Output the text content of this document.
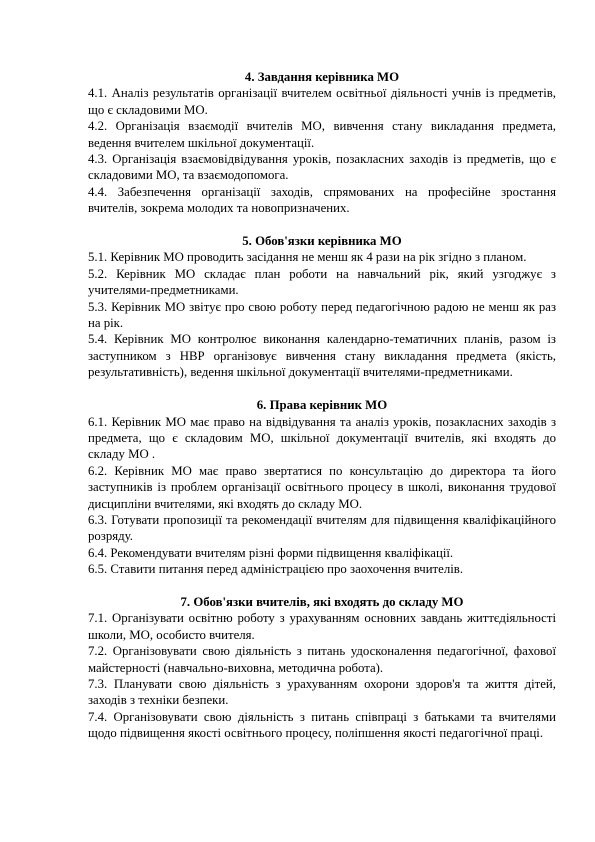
4. Завдання керівника МО

4.1. Аналіз результатів організації вчителем освітньої діяльності учнів із предметів, що є складовими МО.

4.2. Організація взаємодії вчителів МО, вивчення стану викладання предмета, ведення вчителем шкільної документації.

4.3. Організація взаємовідвідування уроків, позакласних заходів із предметів, що є складовими МО, та взаємодопомога.

4.4. Забезпечення організації заходів, спрямованих на професійне зростання вчителів, зокрема молодих та новопризначених.

5. Обов'язки керівника МО

5.1. Керівник МО проводить засідання не менш як 4 рази на рік згідно з планом.

5.2. Керівник МО складає план роботи на навчальний рік, який узгоджує з учителями-предметниками.

5.3. Керівник МО звітує про свою роботу перед педагогічною радою не менш як раз на рік.

5.4. Керівник МО контролює виконання календарно-тематичних планів, разом із заступником з НВР організовує вивчення стану викладання предмета (якість, результативність), ведення шкільної документації вчителями-предметниками.

6. Права керівник МО

6.1. Керівник МО має право на відвідування та аналіз уроків, позакласних заходів з предмета, що є складовим МО, шкільної документації вчителів, які входять до складу МО .

6.2. Керівник МО має право звертатися по консультацію до директора та його заступників із проблем організації освітнього процесу в школі, виконання трудової дисципліни вчителями, які входять до складу МО.

6.3. Готувати пропозиції та рекомендації вчителям для підвищення кваліфікаційного розряду.

6.4. Рекомендувати вчителям різні форми підвищення кваліфікації.

6.5. Ставити питання перед адміністрацією про заохочення вчителів.

7. Обов'язки вчителів, які входять до складу МО

7.1. Організувати освітню роботу з урахуванням основних завдань життєдіяльності школи, МО, особисто вчителя.

7.2. Організовувати свою діяльність з питань удосконалення педагогічної, фахової майстерності (навчально-виховна, методична робота).

7.3. Планувати свою діяльність з урахуванням охорони здоров'я та життя дітей, заходів з техніки безпеки.

7.4. Організовувати свою діяльність з питань співпраці з батьками та вчителями щодо підвищення якості освітнього процесу, поліпшення якості педагогічної праці.
